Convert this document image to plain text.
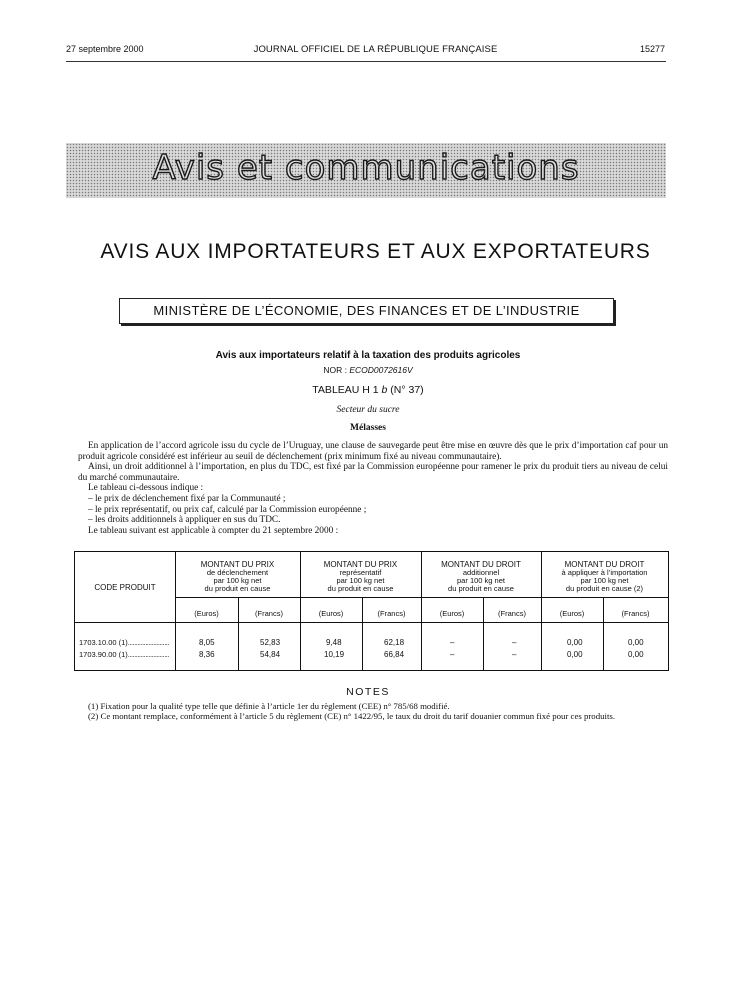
27 septembre 2000	JOURNAL OFFICIEL DE LA RÉPUBLIQUE FRANÇAISE	15277
Avis et communications
AVIS AUX IMPORTATEURS ET AUX EXPORTATEURS
MINISTÈRE DE L’ÉCONOMIE, DES FINANCES ET DE L’INDUSTRIE
Avis aux importateurs relatif à la taxation des produits agricoles
NOR : ECOD0072616V
TABLEAU H 1 b (N° 37)
Secteur du sucre
Mélasses

En application de l’accord agricole issu du cycle de l’Uruguay, une clause de sauvegarde peut être mise en œuvre dès que le prix d’importation caf pour un produit agricole considéré est inférieur au seuil de déclenchement (prix minimum fixé au niveau communautaire).

Ainsi, un droit additionnel à l’importation, en plus du TDC, est fixé par la Commission européenne pour ramener le prix du produit tiers au niveau de celui du marché communautaire.

Le tableau ci-dessous indique :

– le prix de déclenchement fixé par la Communauté ;

– le prix représentatif, ou prix caf, calculé par la Commission européenne ;

– les droits additionnels à appliquer en sus du TDC.

Le tableau suivant est applicable à compter du 21 septembre 2000 :

CODE PRODUIT
MONTANT DU PRIX
de déclenchement
par 100 kg net
du produit en cause
MONTANT DU PRIX
représentatif
par 100 kg net
du produit en cause
MONTANT DU DROIT
additionnel
par 100 kg net
du produit en cause
MONTANT DU DROIT
à appliquer à l’importation
par 100 kg net
du produit en cause (2)
(Euros)	(Francs)	(Euros)	(Francs)	(Euros)	(Francs)	(Euros)	(Francs)
1703.10.00 (1)..........................	8,05	52,83	9,48	62,18	–	–	0,00	0,00
1703.90.00 (1)..........................	8,36	54,84	10,19	66,84	–	–	0,00	0,00
NOTES

(1) Fixation pour la qualité type telle que définie à l’article 1er du règlement (CEE) n° 785/68 modifié.

(2) Ce montant remplace, conformément à l’article 5 du règlement (CE) n° 1422/95, le taux du droit du tarif douanier commun fixé pour ces produits.
